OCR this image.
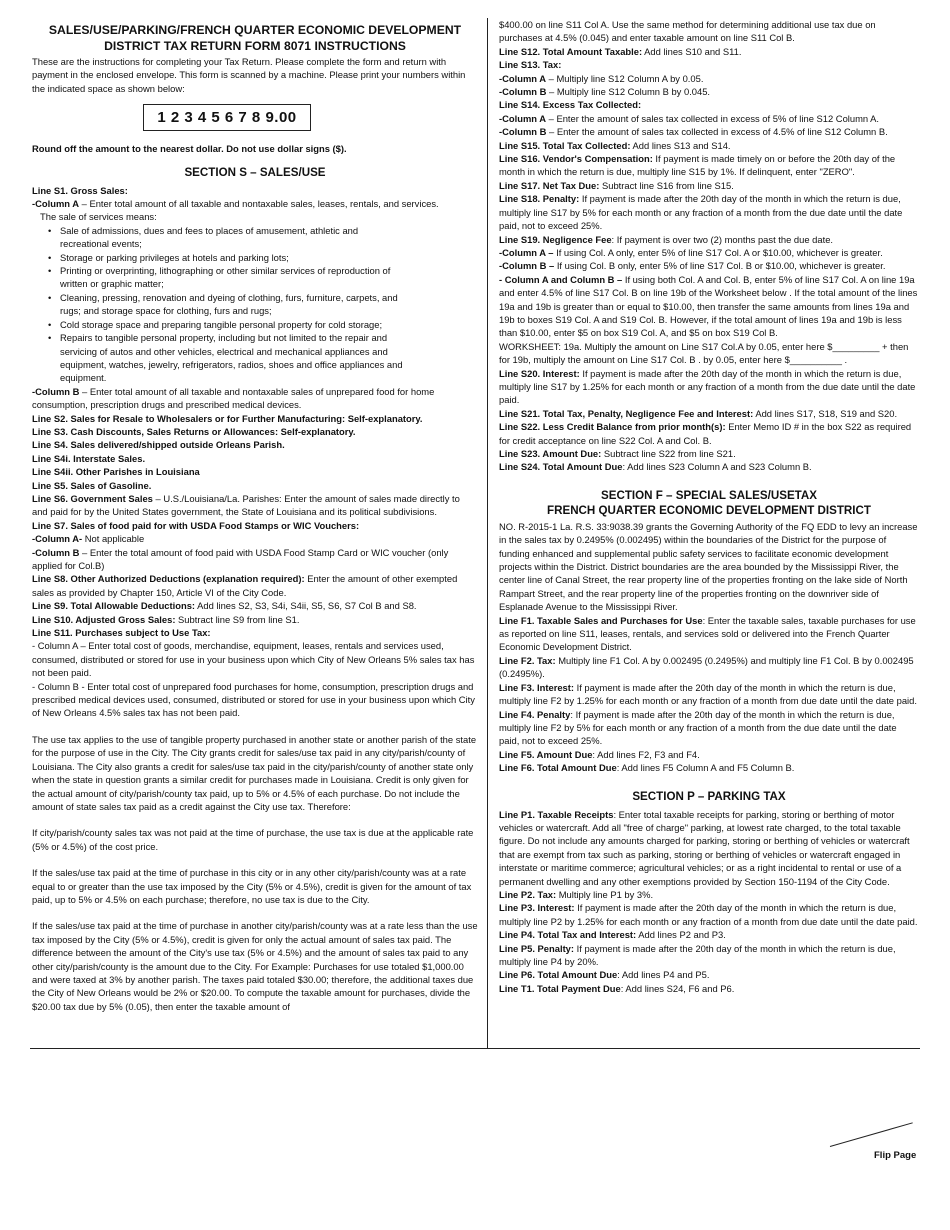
SALES/USE/PARKING/FRENCH QUARTER ECONOMIC DEVELOPMENT
DISTRICT TAX RETURN FORM 8071 INSTRUCTIONS

These are the instructions for completing your Tax Return. Please complete the form and return with payment in the enclosed envelope. This form is scanned by a machine. Please print your numbers within the indicated space as shown below:

1 2 3 4 5 6 7 8 9.00

Round off the amount to the nearest dollar. Do not use dollar signs ($).

SECTION S – SALES/USE

Line S1. Gross Sales:

-Column A – Enter total amount of all taxable and nontaxable sales, leases, rentals, and services.

The sale of services means:

• Sale of admissions, dues and fees to places of amusement, athletic and
recreational events;
• Storage or parking privileges at hotels and parking lots;
• Printing or overprinting, lithographing or other similar services of reproduction of
written or graphic matter;
• Cleaning, pressing, renovation and dyeing of clothing, furs, furniture, carpets, and
rugs; and storage space for clothing, furs and rugs;
• Cold storage space and preparing tangible personal property for cold storage;
• Repairs to tangible personal property, including but not limited to the repair and
servicing of autos and other vehicles, electrical and mechanical appliances and
equipment, watches, jewelry, refrigerators, radios, shoes and office appliances and
equipment.

-Column B – Enter total amount of all taxable and nontaxable sales of unprepared food for home consumption, prescription drugs and prescribed medical devices.

Line S2. Sales for Resale to Wholesalers or for Further Manufacturing: Self-explanatory.

Line S3. Cash Discounts, Sales Returns or Allowances: Self-explanatory.

Line S4. Sales delivered/shipped outside Orleans Parish.

Line S4i. Interstate Sales.

Line S4ii. Other Parishes in Louisiana

Line S5. Sales of Gasoline.

Line S6. Government Sales – U.S./Louisiana/La. Parishes: Enter the amount of sales made directly to and paid for by the United States government, the State of Louisiana and its political subdivisions.

Line S7. Sales of food paid for with USDA Food Stamps or WIC Vouchers:

-Column A- Not applicable

-Column B – Enter the total amount of food paid with USDA Food Stamp Card or WIC voucher (only applied for Col.B)

Line S8. Other Authorized Deductions (explanation required): Enter the amount of other exempted sales as provided by Chapter 150, Article VI of the City Code.

Line S9. Total Allowable Deductions: Add lines S2, S3, S4i, S4ii, S5, S6, S7 Col B and S8.

Line S10. Adjusted Gross Sales: Subtract line S9 from line S1.

Line S11. Purchases subject to Use Tax:

- Column A – Enter total cost of goods, merchandise, equipment, leases, rentals and services used, consumed, distributed or stored for use in your business upon which City of New Orleans 5% sales tax has not been paid.

- Column B - Enter total cost of unprepared food purchases for home, consumption, prescription drugs and prescribed medical devices used, consumed, distributed or stored for use in your business upon which City of New Orleans 4.5% sales tax has not been paid.

The use tax applies to the use of tangible property purchased in another state or another parish of the state for the purpose of use in the City. The City grants credit for sales/use tax paid in any city/parish/county of Louisiana. The City also grants a credit for sales/use tax paid in the city/parish/county of another state only when the state in question grants a similar credit for purchases made in Louisiana. Credit is only given for the actual amount of city/parish/county tax paid, up to 5% or 4.5% of each purchase. Do not include the amount of state sales tax paid as a credit against the City use tax. Therefore:

If city/parish/county sales tax was not paid at the time of purchase, the use tax is due at the applicable rate (5% or 4.5%) of the cost price.

If the sales/use tax paid at the time of purchase in this city or in any other city/parish/county was at a rate equal to or greater than the use tax imposed by the City (5% or 4.5%), credit is given for the amount of tax paid, up to 5% or 4.5% on each purchase; therefore, no use tax is due to the City.

If the sales/use tax paid at the time of purchase in another city/parish/county was at a rate less than the use tax imposed by the City (5% or 4.5%), credit is given for only the actual amount of sales tax paid. The difference between the amount of the City's use tax (5% or 4.5%) and the amount of sales tax paid to any other city/parish/county is the amount due to the City. For Example: Purchases for use totaled $1,000.00 and were taxed at 3% by another parish. The taxes paid totaled $30.00; therefore, the additional taxes due the City of New Orleans would be 2% or $20.00. To compute the taxable amount for purchases, divide the $20.00 tax due by 5% (0.05), then enter the taxable amount of

$400.00 on line S11 Col A. Use the same method for determining additional use tax due on purchases at 4.5% (0.045) and enter taxable amount on line S11 Col B.

Line S12. Total Amount Taxable: Add lines S10 and S11.

Line S13. Tax:

-Column A – Multiply line S12 Column A by 0.05.

-Column B – Multiply line S12 Column B by 0.045.

Line S14. Excess Tax Collected:

-Column A – Enter the amount of sales tax collected in excess of 5% of line S12 Column A.

-Column B – Enter the amount of sales tax collected in excess of 4.5% of line S12 Column B.

Line S15. Total Tax Collected: Add lines S13 and S14.

Line S16. Vendor's Compensation: If payment is made timely on or before the 20th day of the month in which the return is due, multiply line S15 by 1%. If delinquent, enter "ZERO".

Line S17. Net Tax Due: Subtract line S16 from line S15.

Line S18. Penalty: If payment is made after the 20th day of the month in which the return is due, multiply line S17 by 5% for each month or any fraction of a month from the due date until the date paid, not to exceed 25%.

Line S19. Negligence Fee: If payment is over two (2) months past the due date.

-Column A – If using Col. A only, enter 5% of line S17 Col. A or $10.00, whichever is greater.

-Column B – If using Col. B only, enter 5% of line S17 Col. B or $10.00, whichever is greater.

- Column A and Column B – If using both Col. A and Col. B, enter 5% of line S17 Col. A on line 19a and enter 4.5% of line S17 Col. B on line 19b of the Worksheet below . If the total amount of the lines 19a and 19b is greater than or equal to $10.00, then transfer the same amounts from lines 19a and 19b to boxes S19 Col. A and S19 Col. B. However, if the total amount of lines 19a and 19b is less than $10.00, enter $5 on box S19 Col. A, and $5 on box S19 Col B.

WORKSHEET: 19a. Multiply the amount on Line S17 Col.A by 0.05, enter here $_________ + then for 19b, multiply the amount on Line S17 Col. B . by 0.05, enter here $__________ .

Line S20. Interest: If payment is made after the 20th day of the month in which the return is due, multiply line S17 by 1.25% for each month or any fraction of a month from the due date until the date paid.

Line S21. Total Tax, Penalty, Negligence Fee and Interest: Add lines S17, S18, S19 and S20.

Line S22. Less Credit Balance from prior month(s): Enter Memo ID # in the box S22 as required for credit acceptance on line S22 Col. A and Col. B.

Line S23. Amount Due: Subtract line S22 from line S21.

Line S24. Total Amount Due: Add lines S23 Column A and S23 Column B.

SECTION F – SPECIAL SALES/USETAX
FRENCH QUARTER ECONOMIC DEVELOPMENT DISTRICT

NO. R-2015-1 La. R.S. 33:9038.39 grants the Governing Authority of the FQ EDD to levy an increase in the sales tax by 0.2495% (0.002495) within the boundaries of the District for the purpose of funding enhanced and supplemental public safety services to facilitate economic development projects within the District. District boundaries are the area bounded by the Mississippi River, the center line of Canal Street, the rear property line of the properties fronting on the lake side of North Rampart Street, and the rear property line of the properties fronting on the downriver side of Esplanade Avenue to the Mississippi River.

Line F1. Taxable Sales and Purchases for Use: Enter the taxable sales, taxable purchases for use as reported on line S11, leases, rentals, and services sold or delivered into the French Quarter Economic Development District.

Line F2. Tax: Multiply line F1 Col. A by 0.002495 (0.2495%) and multiply line F1 Col. B by 0.002495 (0.2495%).

Line F3. Interest: If payment is made after the 20th day of the month in which the return is due, multiply line F2 by 1.25% for each month or any fraction of a month from due date until the date paid.

Line F4. Penalty: If payment is made after the 20th day of the month in which the return is due, multiply line F2 by 5% for each month or any fraction of a month from the due date until the date paid, not to exceed 25%.

Line F5. Amount Due: Add lines F2, F3 and F4.

Line F6. Total Amount Due: Add lines F5 Column A and F5 Column B.

SECTION P – PARKING TAX

Line P1. Taxable Receipts: Enter total taxable receipts for parking, storing or berthing of motor vehicles or watercraft. Add all "free of charge" parking, at lowest rate charged, to the total taxable figure. Do not include any amounts charged for parking, storing or berthing of vehicles or watercraft that are exempt from tax such as parking, storing or berthing of vehicles or watercraft engaged in interstate or maritime commerce; agricultural vehicles; or as a right incidental to rental or use of a permanent dwelling and any other exemptions provided by Section 150-1194 of the City Code.

Line P2. Tax: Multiply line P1 by 3%.

Line P3. Interest: If payment is made after the 20th day of the month in which the return is due, multiply line P2 by 1.25% for each month or any fraction of a month from due date until the date paid.

Line P4. Total Tax and Interest: Add lines P2 and P3.

Line P5. Penalty: If payment is made after the 20th day of the month in which the return is due, multiply line P4 by 20%.

Line P6. Total Amount Due: Add lines P4 and P5.

Line T1. Total Payment Due: Add lines S24, F6 and P6.

Flip Page
